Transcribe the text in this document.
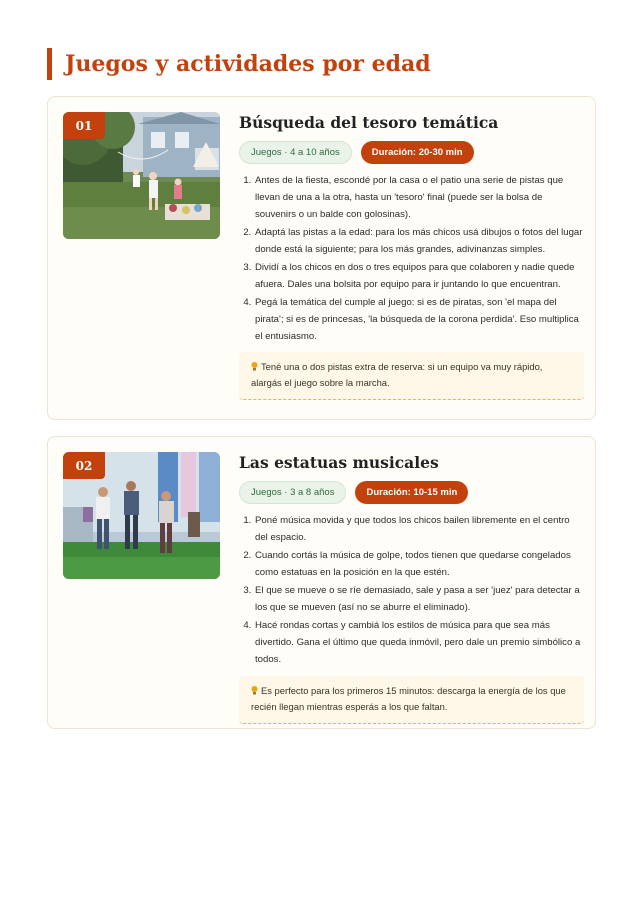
Juegos y actividades por edad
01	Búsqueda del tesoro temática
Juegos · 4 a 10 años	Duración: 20-30 min
1. Antes de la fiesta, escondé por la casa o el patio una serie de pistas que llevan de una a la otra, hasta un 'tesoro' final (puede ser la bolsa de souvenirs o un balde con golosinas).
2. Adaptá las pistas a la edad: para los más chicos usá dibujos o fotos del lugar donde está la siguiente; para los más grandes, adivinanzas simples.
3. Dividí a los chicos en dos o tres equipos para que colaboren y nadie quede afuera. Dales una bolsita por equipo para ir juntando lo que encuentran.
4. Pegá la temática del cumple al juego: si es de piratas, son 'el mapa del pirata'; si es de princesas, 'la búsqueda de la corona perdida'. Eso multiplica el entusiasmo.
Tené una o dos pistas extra de reserva: si un equipo va muy rápido, alargás el juego sobre la marcha.
02	Las estatuas musicales
Juegos · 3 a 8 años	Duración: 10-15 min
1. Poné música movida y que todos los chicos bailen libremente en el centro del espacio.
2. Cuando cortás la música de golpe, todos tienen que quedarse congelados como estatuas en la posición en la que estén.
3. El que se mueve o se ríe demasiado, sale y pasa a ser 'juez' para detectar a los que se mueven (así no se aburre el eliminado).
4. Hacé rondas cortas y cambiá los estilos de música para que sea más divertido. Gana el último que queda inmóvil, pero dale un premio simbólico a todos.
Es perfecto para los primeros 15 minutos: descarga la energía de los que recién llegan mientras esperás a los que faltan.
